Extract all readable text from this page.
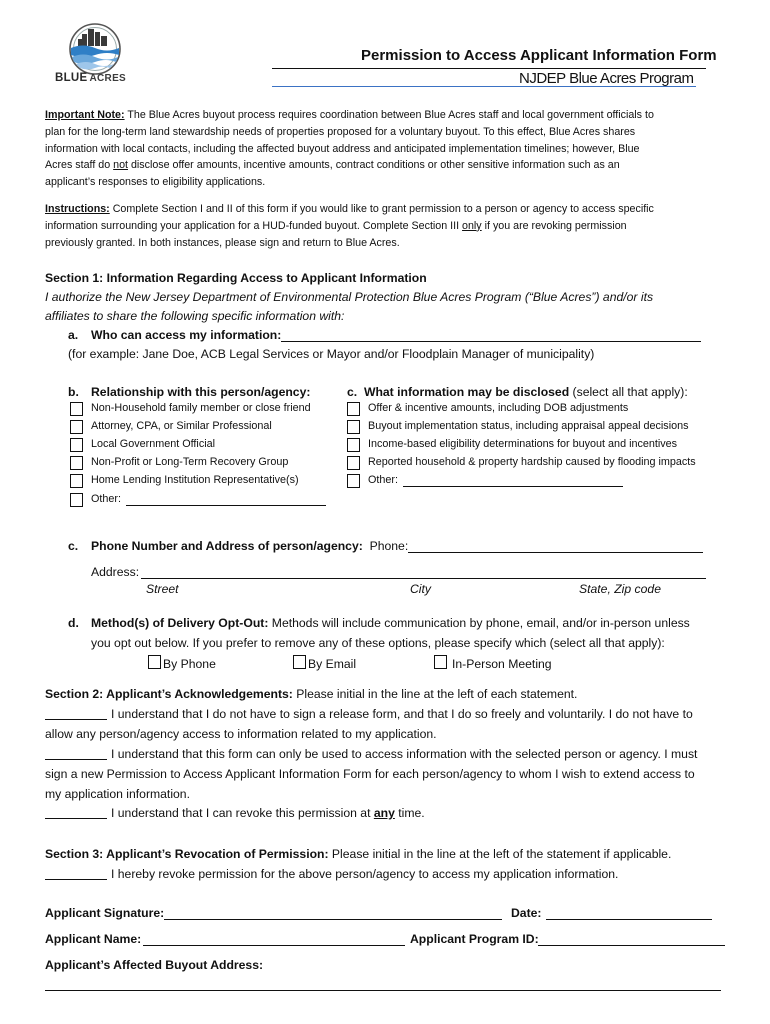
BLUE ACRES
Permission to Access Applicant Information Form
NJDEP Blue Acres Program
Important Note: The Blue Acres buyout process requires coordination between Blue Acres staff and local government officials to
plan for the long-term land stewardship needs of properties proposed for a voluntary buyout. To this effect, Blue Acres shares
information with local contacts, including the affected buyout address and anticipated implementation timelines; however, Blue
Acres staff do not disclose offer amounts, incentive amounts, contract conditions or other sensitive information such as an
applicant’s responses to eligibility applications.
Instructions: Complete Section I and II of this form if you would like to grant permission to a person or agency to access specific
information surrounding your application for a HUD-funded buyout. Complete Section III only if you are revoking permission
previously granted. In both instances, please sign and return to Blue Acres.
Section 1: Information Regarding Access to Applicant Information
I authorize the New Jersey Department of Environmental Protection Blue Acres Program (“Blue Acres”) and/or its
affiliates to share the following specific information with:
a. Who can access my information:
(for example: Jane Doe, ACB Legal Services or Mayor and/or Floodplain Manager of municipality)
b. Relationship with this person/agency:
Non-Household family member or close friend
Attorney, CPA, or Similar Professional
Local Government Official
Non-Profit or Long-Term Recovery Group
Home Lending Institution Representative(s)
Other:
c. What information may be disclosed (select all that apply):
Offer & incentive amounts, including DOB adjustments
Buyout implementation status, including appraisal appeal decisions
Income-based eligibility determinations for buyout and incentives
Reported household & property hardship caused by flooding impacts
Other:
c. Phone Number and Address of person/agency: Phone:
Address:
Street	City	State, Zip code
d. Method(s) of Delivery Opt-Out: Methods will include communication by phone, email, and/or in-person unless
you opt out below. If you prefer to remove any of these options, please specify which (select all that apply):
By Phone	By Email	In-Person Meeting
Section 2: Applicant’s Acknowledgements: Please initial in the line at the left of each statement.
I understand that I do not have to sign a release form, and that I do so freely and voluntarily. I do not have to
allow any person/agency access to information related to my application.
I understand that this form can only be used to access information with the selected person or agency. I must
sign a new Permission to Access Applicant Information Form for each person/agency to whom I wish to extend access to
my application information.
I understand that I can revoke this permission at any time.
Section 3: Applicant’s Revocation of Permission: Please initial in the line at the left of the statement if applicable.
I hereby revoke permission for the above person/agency to access my application information.
Applicant Signature:	Date:
Applicant Name:	Applicant Program ID:
Applicant’s Affected Buyout Address:
